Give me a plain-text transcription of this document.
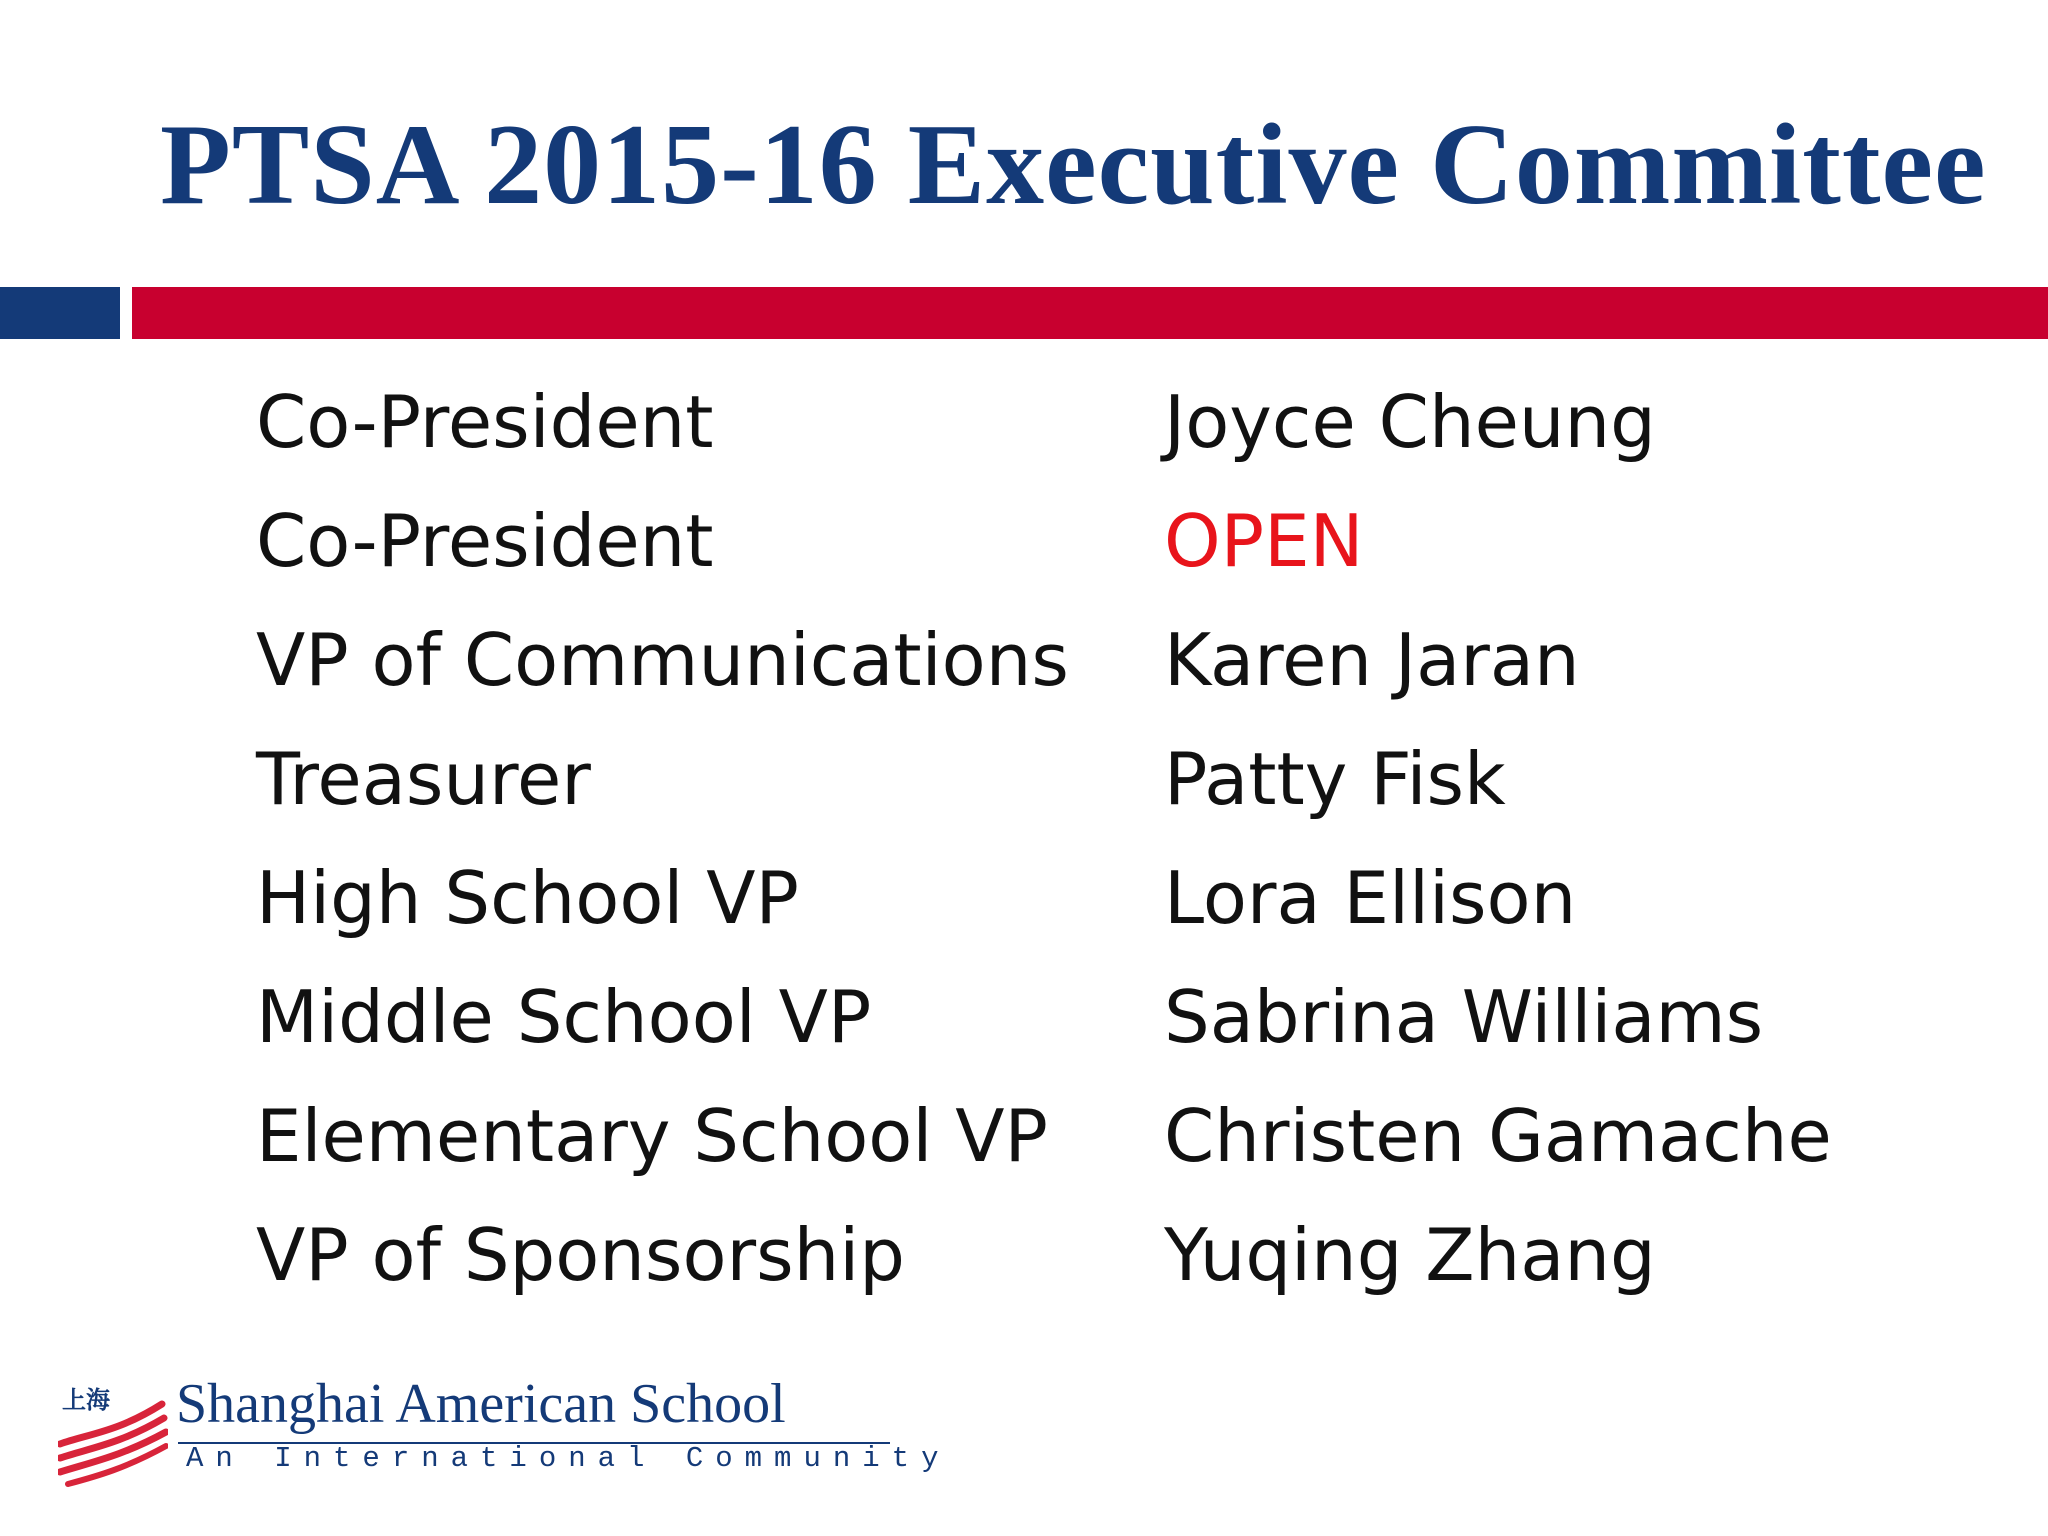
PTSA 2015-16 Executive Committee
Co-President	Joyce Cheung
Co-President	OPEN
VP of Communications	Karen Jaran
Treasurer	Patty Fisk
High School VP	Lora Ellison
Middle School VP	Sabrina Williams
Elementary School VP	Christen Gamache
VP of Sponsorship	Yuqing Zhang
上海 Shanghai American School
An International Community
